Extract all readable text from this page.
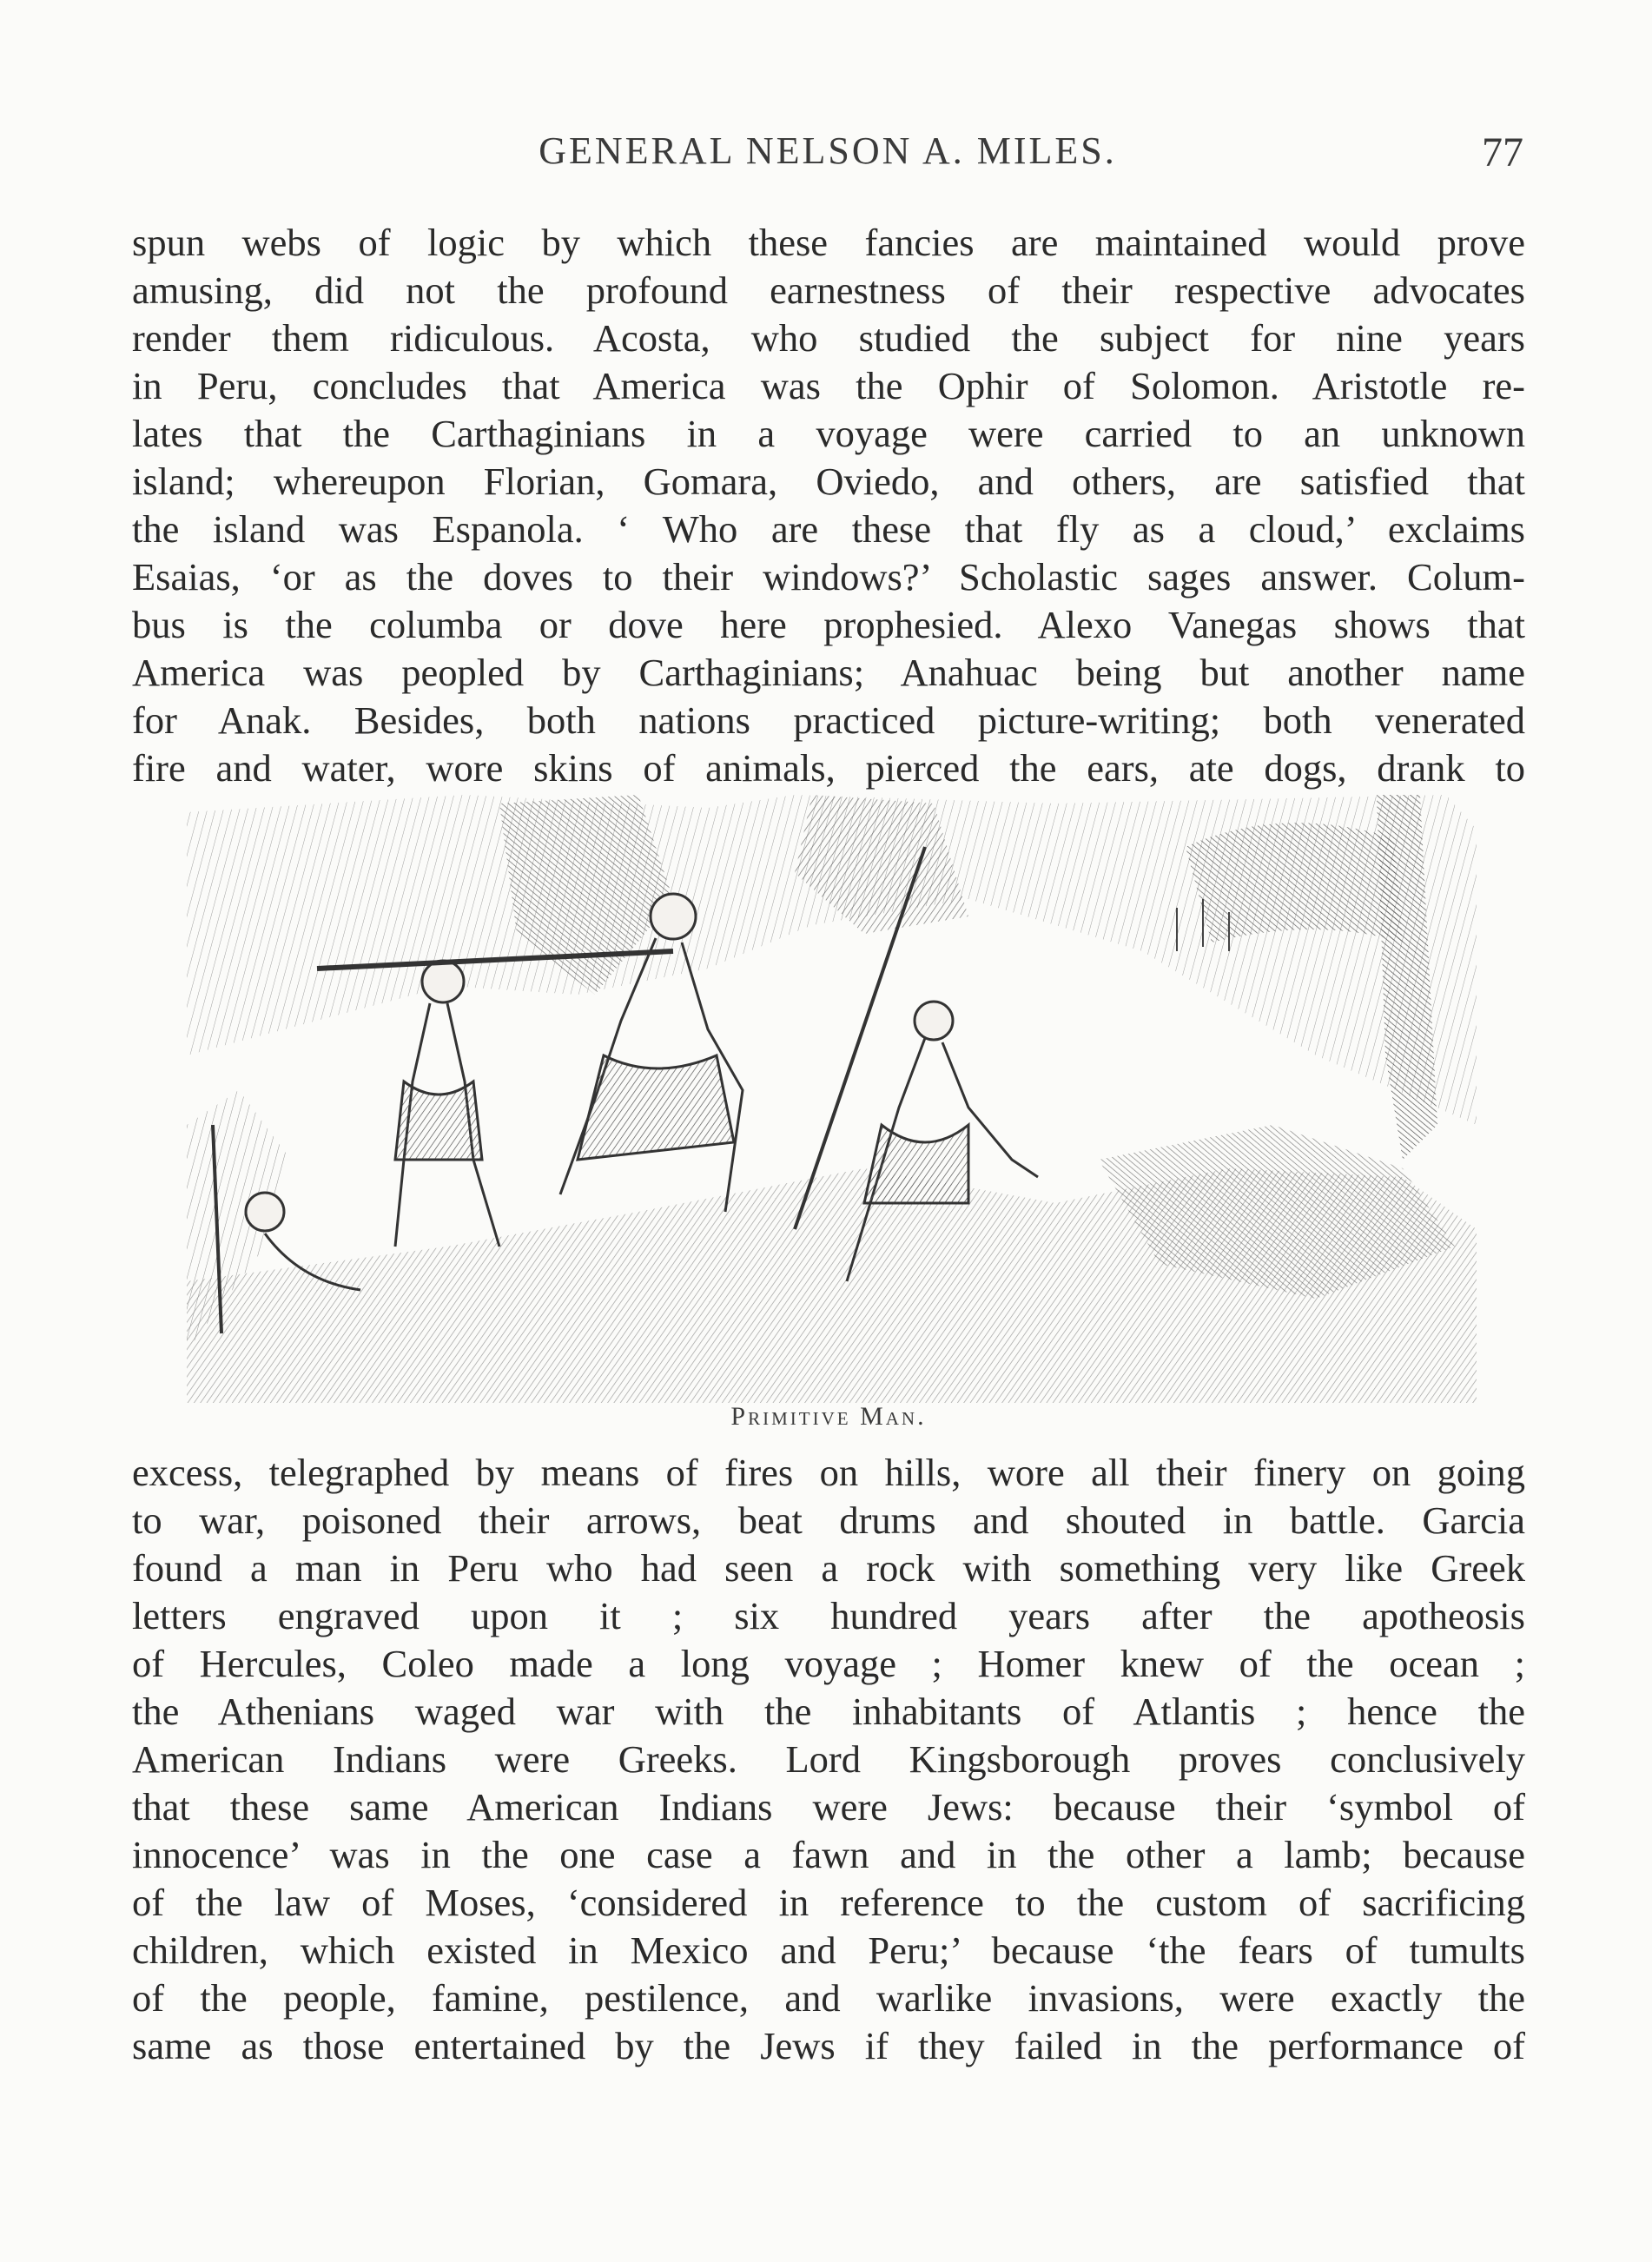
GENERAL NELSON A. MILES.	77
spun webs of logic by which these fancies are maintained would prove
amusing, did not the profound earnestness of their respective advocates
render them ridiculous. Acosta, who studied the subject for nine years
in Peru, concludes that America was the Ophir of Solomon. Aristotle re-
lates that the Carthaginians in a voyage were carried to an unknown
island; whereupon Florian, Gomara, Oviedo, and others, are satisfied that
the island was Espanola. ‘ Who are these that fly as a cloud,’ exclaims
Esaias, ‘or as the doves to their windows?’ Scholastic sages answer. Colum-
bus is the columba or dove here prophesied. Alexo Vanegas shows that
America was peopled by Carthaginians; Anahuac being but another name
for Anak. Besides, both nations practiced picture-writing; both venerated
fire and water, wore skins of animals, pierced the ears, ate dogs, drank to
Primitive Man.
excess, telegraphed by means of fires on hills, wore all their finery on going
to war, poisoned their arrows, beat drums and shouted in battle. Garcia
found a man in Peru who had seen a rock with something very like Greek
letters engraved upon it ; six hundred years after the apotheosis
of Hercules, Coleo made a long voyage ; Homer knew of the ocean ;
the Athenians waged war with the inhabitants of Atlantis ; hence the
American Indians were Greeks. Lord Kingsborough proves conclusively
that these same American Indians were Jews: because their ‘symbol of
innocence’ was in the one case a fawn and in the other a lamb; because
of the law of Moses, ‘considered in reference to the custom of sacrificing
children, which existed in Mexico and Peru;’ because ‘the fears of tumults
of the people, famine, pestilence, and warlike invasions, were exactly the
same as those entertained by the Jews if they failed in the performance of
